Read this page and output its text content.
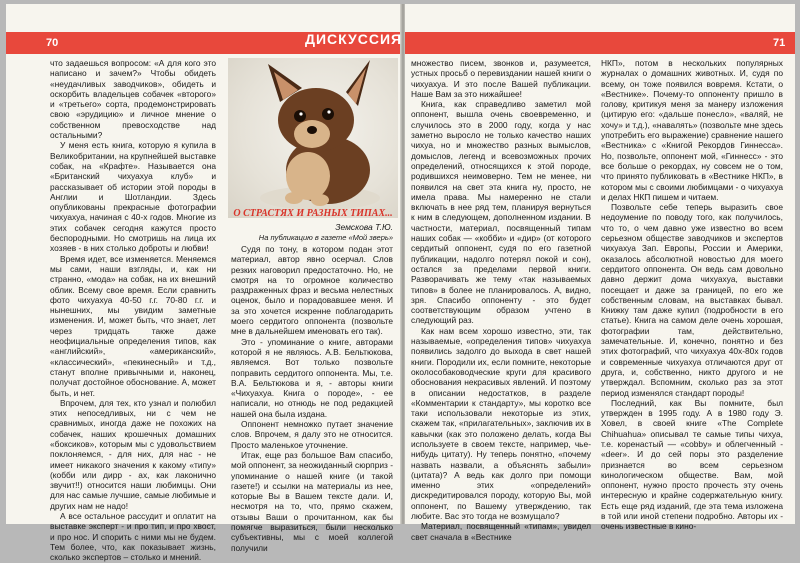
70

что задаешься вопросом: «А для кого это написано и зачем?» Чтобы обидеть «неудачливых заводчиков», обидеть и оскорбить владельцев собачек «второго» и «третьего» сорта, продемонстрировать свою «эрудицию» и личное мнение о собственном превосходстве над остальными?

У меня есть книга, которую я купила в Великобритании, на крупнейшей выставке собак, на «Крафте». Называется она «Британский чихуахуа клуб» и рассказывает об истории этой породы в Англии и Шотландии. Здесь опубликованы прекрасные фотографии чихуахуа, начиная с 40-х годов. Многие из этих собачек сегодня кажутся просто беспородными. Но смотришь на лица их хозяев - в них столько доброты и любви!

Время идет, все изменяется. Меняемся мы сами, наши взгляды, и, как ни странно, «мода» на собак, на их внешний облик. Всему свое время. Если сравнить фото чихуахуа 40-50 г.г. 70-80 г.г. и нынешних, мы увидим заметные изменения. И, может быть, что знает, лет через тридцать также даже неофициальные определения типов, как «английский», «американский», «классический», «пекинесный» и т.д., станут вполне привычными и, наконец, получат достойное обоснование. А, может быть, и нет.

Впрочем, для тех, кто узнал и полюбил этих непоседливых, ни с чем не сравнимых, иногда даже не похожих на собачек, наших крошечных домашних «боксиков», которым мы с удовольствием поклоняемся, - для них, для нас - не имеет никакого значения к какому «типу» (кобби или дирр - ах, как лаконично звучит!!) относится наши любимцы. Они для нас самые лучшие, самые любимые и других нам не надо!

А все остальное рассудит и оплатит на выставке эксперт - и про тип, и про хвост, и про нос. И спорить с ними мы не будем. Тем более, что, как показывает жизнь, сколько экспертов – столько и мнений.

О СТРАСТЯХ И РАЗНЫХ ТИПАХ...
Земскова Т.Ю.
На публикацию в газете «Мой зверь»

Судя по тону, в котором подан этот материал, автор явно осерчал. Слов резких наговорил предостаточно. Но, не смотря на то огромное количество раздраженных фраз и весьма нелестных оценок, было и порадовавшее меня. И за это хочется искренне поблагодарить моего сердитого оппонента (позвольте мне в дальнейшем именовать его так).

Это - упоминание о книге, авторами которой я не являюсь. А.В. Бельтюкова, являемся. Вот только позвольте поправить сердитого оппонента. Мы, т.е. В.А. Бельтюкова и я, - авторы книги «Чихуахуа. Книга о породе», - ее написали, но отнюдь не под редакцией нашей она была издана.

Оппонент немножко путает значение слов. Впрочем, я далу это не относится. Просто маленькое уточнение.

Итак, еще раз большое Вам спасибо, мой оппонент, за неожиданный сюрприз - упоминание о нашей книге (и такой газете!) и ссылки на материалы из нее, которые Вы в Вашем тексте дали. И, несмотря на то, что, прямо скажем, отзывы Ваши о прочитанном, как бы помягче выразиться, были несколько субъективны, мы с моей коллегой получили

71

множество писем, звонков и, разумеется, устных просьб о перевиздании нашей книги о чихуахуа. И это после Вашей публикации. Наше Вам за это нижайшее!

Книга, как справедливо заметил мой оппонент, вышла очень своевременно, и случилось это в 2000 году, когда у нас заметно выросло не только качество наших чихуа, но и множество разных вымыслов, домыслов, легенд и всевозможных прочих определений, относящихся к этой породе, родившихся неимоверно. Тем не менее, ни появился на свет эта книга ну, просто, не имела права. Мы намеренно не стали включать в нее ряд тем, планируя вернуться к ним в следующем, дополненном издании. В частности, материал, посвященный типам наших собак — «кобби» и «дир» (от которого сердитый оппонент, судя по его газетной публикации, надолго потерял покой и сон), остался за пределами первой книги. Разворачивать же тему «так называемых типов» в более не планировалось. А, видно, зря. Спасибо оппоненту - это будет соответствующим образом учтено в следующий раз.

Как нам всем хорошо известно, эти, так называемые, «определения типов» чихуахуа появились задолго до выхода в свет нашей книги. Породили их, если помните, некоторые околособаководческие круги для красивого обоснования некрасивых явлений. И поэтому в описании недостатков, в разделе «Комментарии к стандарту», мы коротко все таки использовали некоторые из этих, скажем так, «прилагательных», заключив их в кавычки (как это положено делать, когда Вы используете в своем тексте, например, чье-нибудь цитату). Ну теперь понятно, «почему назвать назвали, а объяснять забыли» (цитата)? А ведь как долго при помощи именно этих «определений» дискредитировался породу, которую Вы, мой оппонент, по Вашему утверждению, так любите. Вас это тогда не возмущало?

Материал, посвященный «типам», увидел свет сначала в «Вестнике

НКП», потом в нескольких популярных журналах о домашних животных. И, судя по всему, он тоже появился вовремя. Кстати, о «Вестнике». Почему-то оппоненту пришло в голову, критикуя меня за манеру изложения (цитирую его: «дальше понесло», «валяй, не хочу» и т.д.), «навалять» (позвольте мне здесь употребить его выражение) сравнение нашего «Вестника» с «Книгой Рекордов Гиннесса». Но, позвольте, оппонент мой, «Гиннесс» - это все больше о рекордах, ну совсем не о том, что принято публиковать в «Вестнике НКП», в котором мы с своими любимцами - о чихуахуа и делах НКП пишем и читаем.

Позвольте себе теперь выразить свое недоумение по поводу того, как получилось, что то, о чем давно уже известно во всем серьезном обществе заводчиков и экспертов чихуахуа Зап. Европы, России и Америки, оказалось абсолютной новостью для моего сердитого оппонента. Он ведь сам довольно давно держит дома чихуахуа, выставки посещает и даже за границей, по его же собственным словам, на выставках бывал. Книжку там даже купил (подробности в его статье). Книга на самом деле очень хорошая, фотографии там, действительно, замечательные. И, конечно, понятно и без этих фотографий, что чихуахуа 40х-80х годов и современные чихуахуа отличаются друг от друга, и, собственно, никто другого и не утверждал. Вспомним, сколько раз за этот период изменялся стандарт породы!

Последний, как Вы помните, был утвержден в 1995 году. А в 1980 году Э. Ховел, в своей книге «The Complete Chihuahua» описывал те самые типы чихуа, т.е. коренастый — «cobby» и облегченный - «deer». И до сей поры это разделение признается во всем серьезном кинологическом обществе. Вам, мой оппонент, нужно просто прочесть эту очень интересную и крайне содержательную книгу. Есть еще ряд изданий, где эта тема изложена в той или иной степени подробно. Авторы их - очень известные в кино-

ДИСКУССИЯ
